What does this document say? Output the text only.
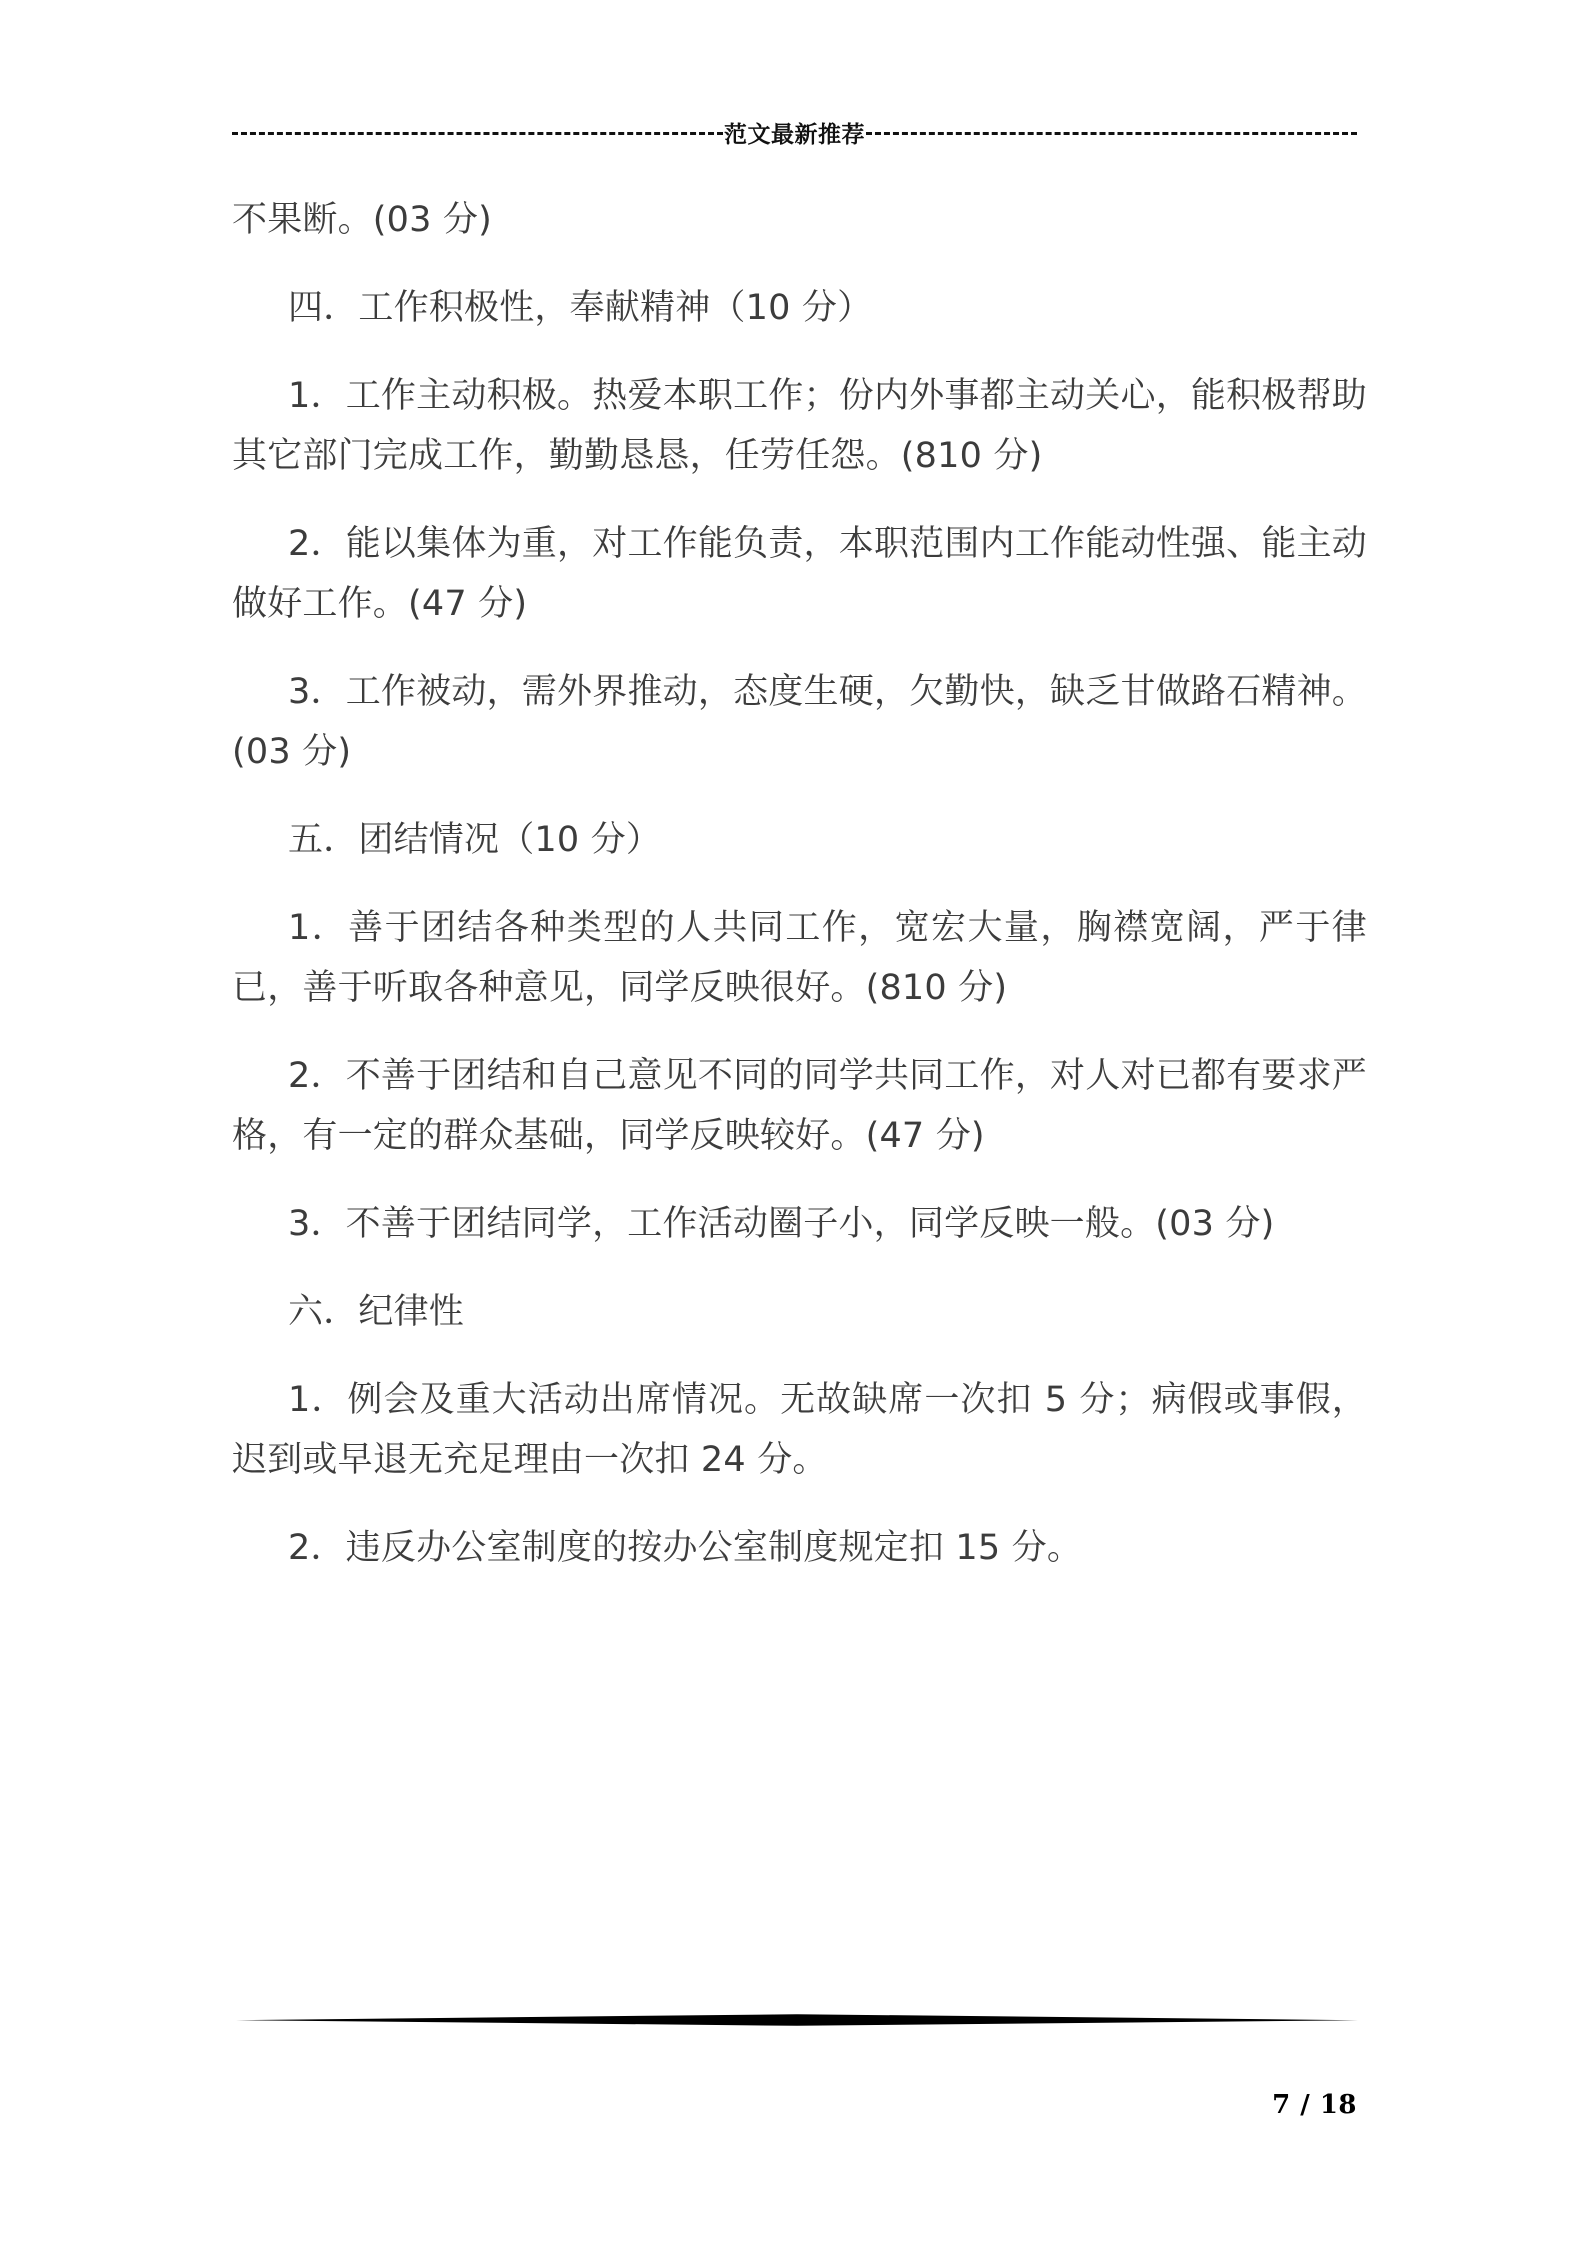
范文最新推荐

不果断。(03 分)

四．工作积极性，奉献精神（10 分）

1．工作主动积极。热爱本职工作；份内外事都主动关心，能积极帮助其它部门完成工作，勤勤恳恳，任劳任怨。(810 分)

2．能以集体为重，对工作能负责，本职范围内工作能动性强、能主动做好工作。(47 分)

3．工作被动，需外界推动，态度生硬，欠勤快，缺乏甘做路石精神。(03 分)

五．团结情况（10 分）

1．善于团结各种类型的人共同工作，宽宏大量，胸襟宽阔，严于律已，善于听取各种意见，同学反映很好。(810 分)

2．不善于团结和自己意见不同的同学共同工作，对人对已都有要求严格，有一定的群众基础，同学反映较好。(47 分)

3．不善于团结同学，工作活动圈子小，同学反映一般。(03 分)

六．纪律性

1．例会及重大活动出席情况。无故缺席一次扣 5 分；病假或事假，迟到或早退无充足理由一次扣 24 分。

2．违反办公室制度的按办公室制度规定扣 15 分。

7 / 18
